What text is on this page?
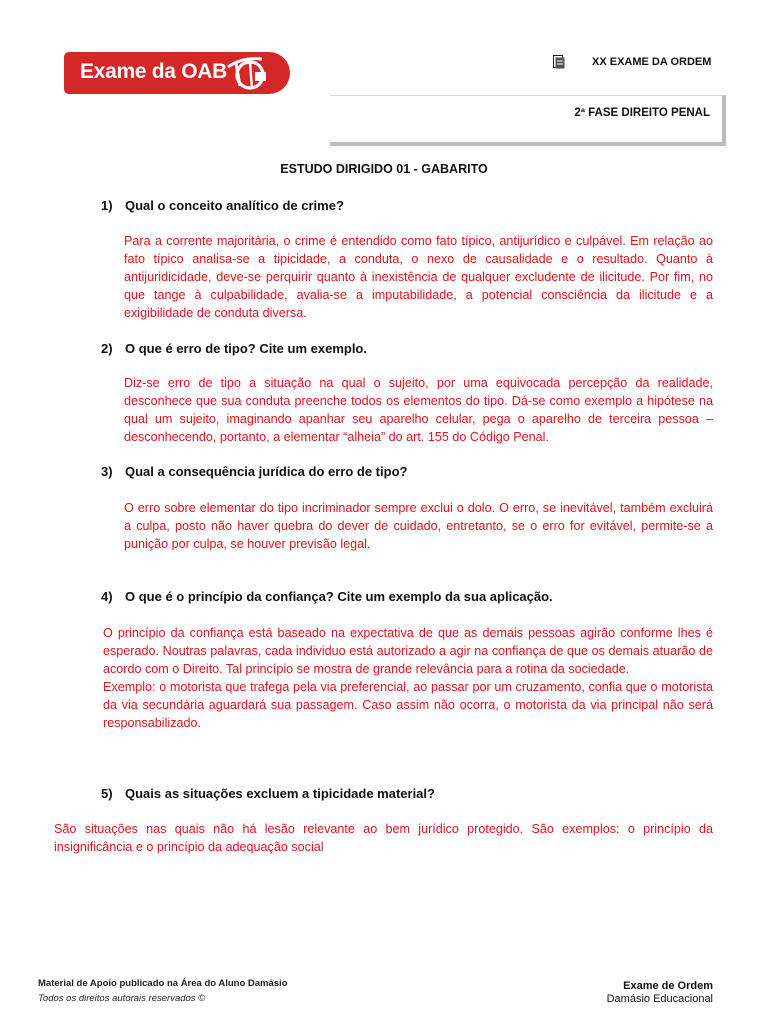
Exame da OAB	XX EXAME DA ORDEM
2ª FASE DIREITO PENAL
ESTUDO DIRIGIDO 01 - GABARITO
1) Qual o conceito analítico de crime?

Para a corrente majoritária, o crime é entendido como fato típico, antijurídico e culpável. Em relação ao fato típico analisa-se a tipicidade, a conduta, o nexo de causalidade e o resultado. Quanto à antijuridicidade, deve-se perquirir quanto à inexistência de qualquer excludente de ilicitude. Por fim, no que tange à culpabilidade, avalia-se a imputabilidade, a potencial consciência da ilicitude e a exigibilidade de conduta diversa.

2) O que é erro de tipo? Cite um exemplo.

Diz-se erro de tipo a situação na qual o sujeito, por uma equivocada percepção da realidade, desconhece que sua conduta preenche todos os elementos do tipo. Dá-se como exemplo a hipótese na qual um sujeito, imaginando apanhar seu aparelho celular, pega o aparelho de terceira pessoa – desconhecendo, portanto, a elementar “alheia” do art. 155 do Código Penal.

3) Qual a consequência jurídica do erro de tipo?

O erro sobre elementar do tipo incriminador sempre exclui o dolo. O erro, se inevitável, também excluirá a culpa, posto não haver quebra do dever de cuidado, entretanto, se o erro for evitável, permite-se a punição por culpa, se houver previsão legal.

4) O que é o princípio da confiança? Cite um exemplo da sua aplicação.

O princípio da confiança está baseado na expectativa de que as demais pessoas agirão conforme lhes é esperado. Noutras palavras, cada individuo está autorizado a agir na confiança de que os demais atuarão de acordo com o Direito. Tal princípio se mostra de grande relevância para a rotina da sociedade.

Exemplo: o motorista que trafega pela via preferencial, ao passar por um cruzamento, confia que o motorista da via secundária aguardará sua passagem. Caso assim não ocorra, o motorista da via principal não será responsabilizado.

5) Quais as situações excluem a tipicidade material?

São situações nas quais não há lesão relevante ao bem jurídico protegido. São exemplos: o princípio da insignificância e o princípio da adequação social

Material de Apoio publicado na Área do Aluno Damásio
Todos os direitos autorais reservados ©
Exame de Ordem
Damásio Educacional
